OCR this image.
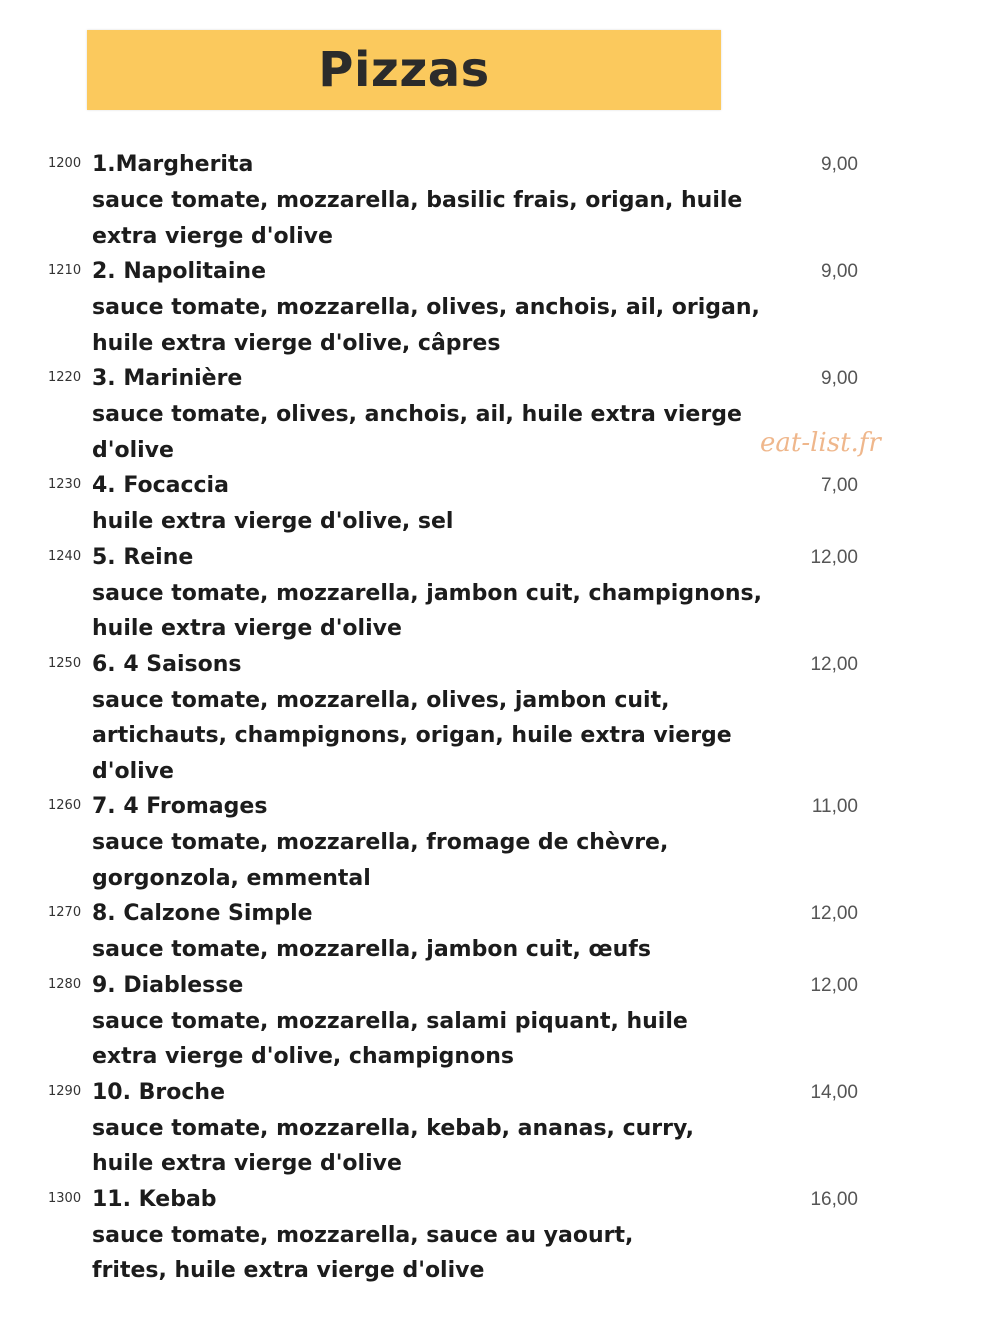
Pizzas
1200 1.Margherita	9,00
sauce tomate, mozzarella, basilic frais, origan, huile extra vierge d'olive
1210 2. Napolitaine	9,00
sauce tomate, mozzarella, olives, anchois, ail, origan, huile extra vierge d'olive, câpres
1220 3. Marinière	9,00
sauce tomate, olives, anchois, ail, huile extra vierge d'olive
1230 4. Focaccia	7,00
huile extra vierge d'olive, sel
1240 5. Reine	12,00
sauce tomate, mozzarella, jambon cuit, champignons, huile extra vierge d'olive
1250 6. 4 Saisons	12,00
sauce tomate, mozzarella, olives, jambon cuit, artichauts, champignons, origan, huile extra vierge d'olive
1260 7. 4 Fromages	11,00
sauce tomate, mozzarella, fromage de chèvre, gorgonzola, emmental
1270 8. Calzone Simple	12,00
sauce tomate, mozzarella, jambon cuit, œufs
1280 9. Diablesse	12,00
sauce tomate, mozzarella, salami piquant, huile extra vierge d'olive, champignons
1290 10. Broche	14,00
sauce tomate, mozzarella, kebab, ananas, curry, huile extra vierge d'olive
1300 11. Kebab	16,00
sauce tomate, mozzarella, sauce au yaourt, frites, huile extra vierge d'olive
eat-list.fr
